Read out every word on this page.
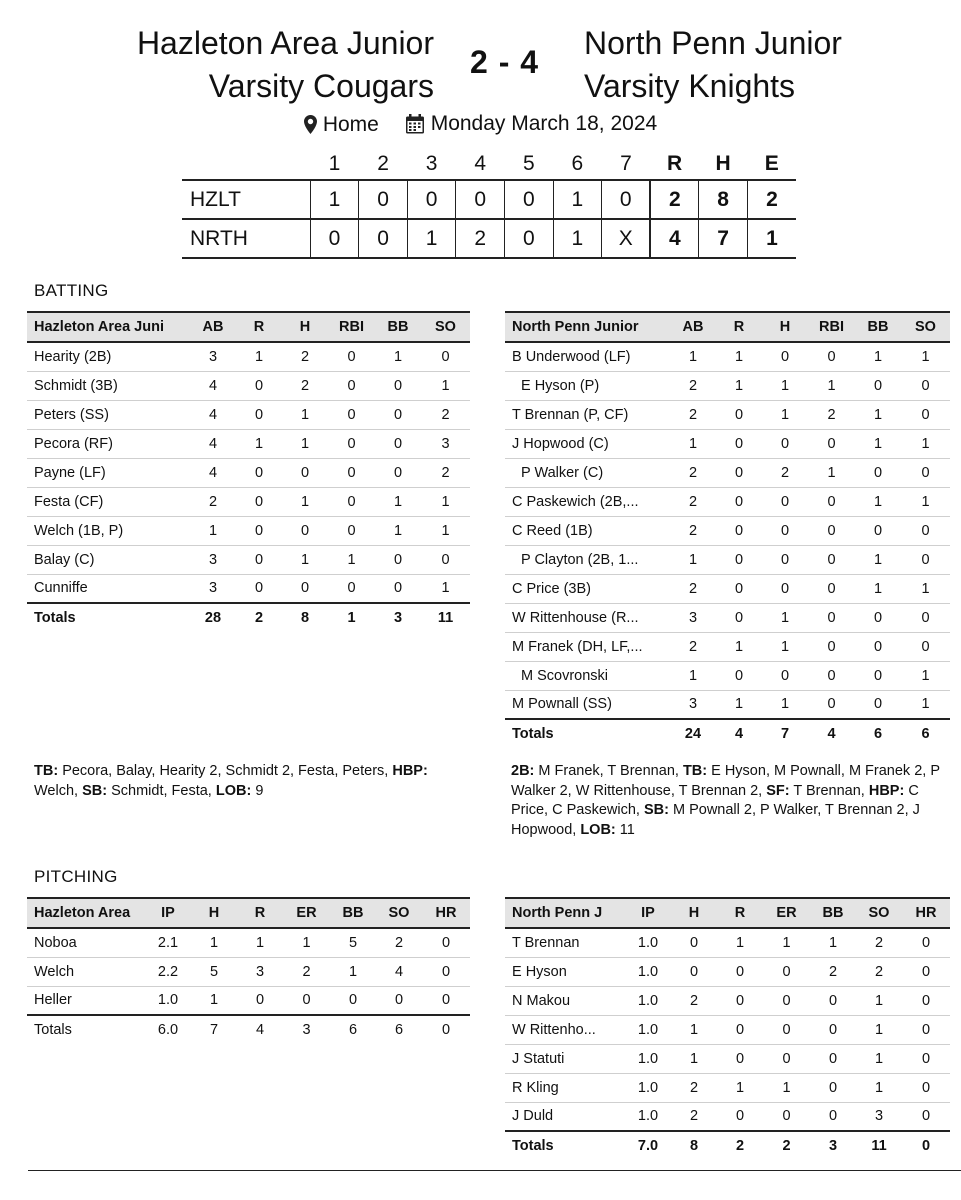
Hazleton Area Junior
Varsity Cougars
2 - 4
North Penn Junior
Varsity Knights
Home
Monday March 18, 2024
	1	2	3	4	5	6	7	R	H	E
HZLT	1	0	0	0	0	1	0	2	8	2
NRTH	0	0	1	2	0	1	X	4	7	1
BATTING
Hazleton Area Juni	AB	R	H	RBI	BB	SO
Hearity (2B)	3	1	2	0	1	0
Schmidt (3B)	4	0	2	0	0	1
Peters (SS)	4	0	1	0	0	2
Pecora (RF)	4	1	1	0	0	3
Payne (LF)	4	0	0	0	0	2
Festa (CF)	2	0	1	0	1	1
Welch (1B, P)	1	0	0	0	1	1
Balay (C)	3	0	1	1	0	0
Cunniffe	3	0	0	0	0	1
Totals	28	2	8	1	3	11
North Penn Junior	AB	R	H	RBI	BB	SO
B Underwood (LF)	1	1	0	0	1	1
E Hyson (P)	2	1	1	1	0	0
T Brennan (P, CF)	2	0	1	2	1	0
J Hopwood (C)	1	0	0	0	1	1
P Walker (C)	2	0	2	1	0	0
C Paskewich (2B,...	2	0	0	0	1	1
C Reed (1B)	2	0	0	0	0	0
P Clayton (2B, 1...	1	0	0	0	1	0
C Price (3B)	2	0	0	0	1	1
W Rittenhouse (R...	3	0	1	0	0	0
M Franek (DH, LF,...	2	1	1	0	0	0
M Scovronski	1	0	0	0	0	1
M Pownall (SS)	3	1	1	0	0	1
Totals	24	4	7	4	6	6
TB: Pecora, Balay, Hearity 2, Schmidt 2, Festa, Peters, HBP: Welch, SB: Schmidt, Festa, LOB: 9
2B: M Franek, T Brennan, TB: E Hyson, M Pownall, M Franek 2, P Walker 2, W Rittenhouse, T Brennan 2, SF: T Brennan, HBP: C Price, C Paskewich, SB: M Pownall 2, P Walker, T Brennan 2, J Hopwood, LOB: 11
PITCHING
Hazleton Area	IP	H	R	ER	BB	SO	HR
Noboa	2.1	1	1	1	5	2	0
Welch	2.2	5	3	2	1	4	0
Heller	1.0	1	0	0	0	0	0
Totals	6.0	7	4	3	6	6	0
North Penn J	IP	H	R	ER	BB	SO	HR
T Brennan	1.0	0	1	1	1	2	0
E Hyson	1.0	0	0	0	2	2	0
N Makou	1.0	2	0	0	0	1	0
W Rittenho...	1.0	1	0	0	0	1	0
J Statuti	1.0	1	0	0	0	1	0
R Kling	1.0	2	1	1	0	1	0
J Duld	1.0	2	0	0	0	3	0
Totals	7.0	8	2	2	3	11	0
